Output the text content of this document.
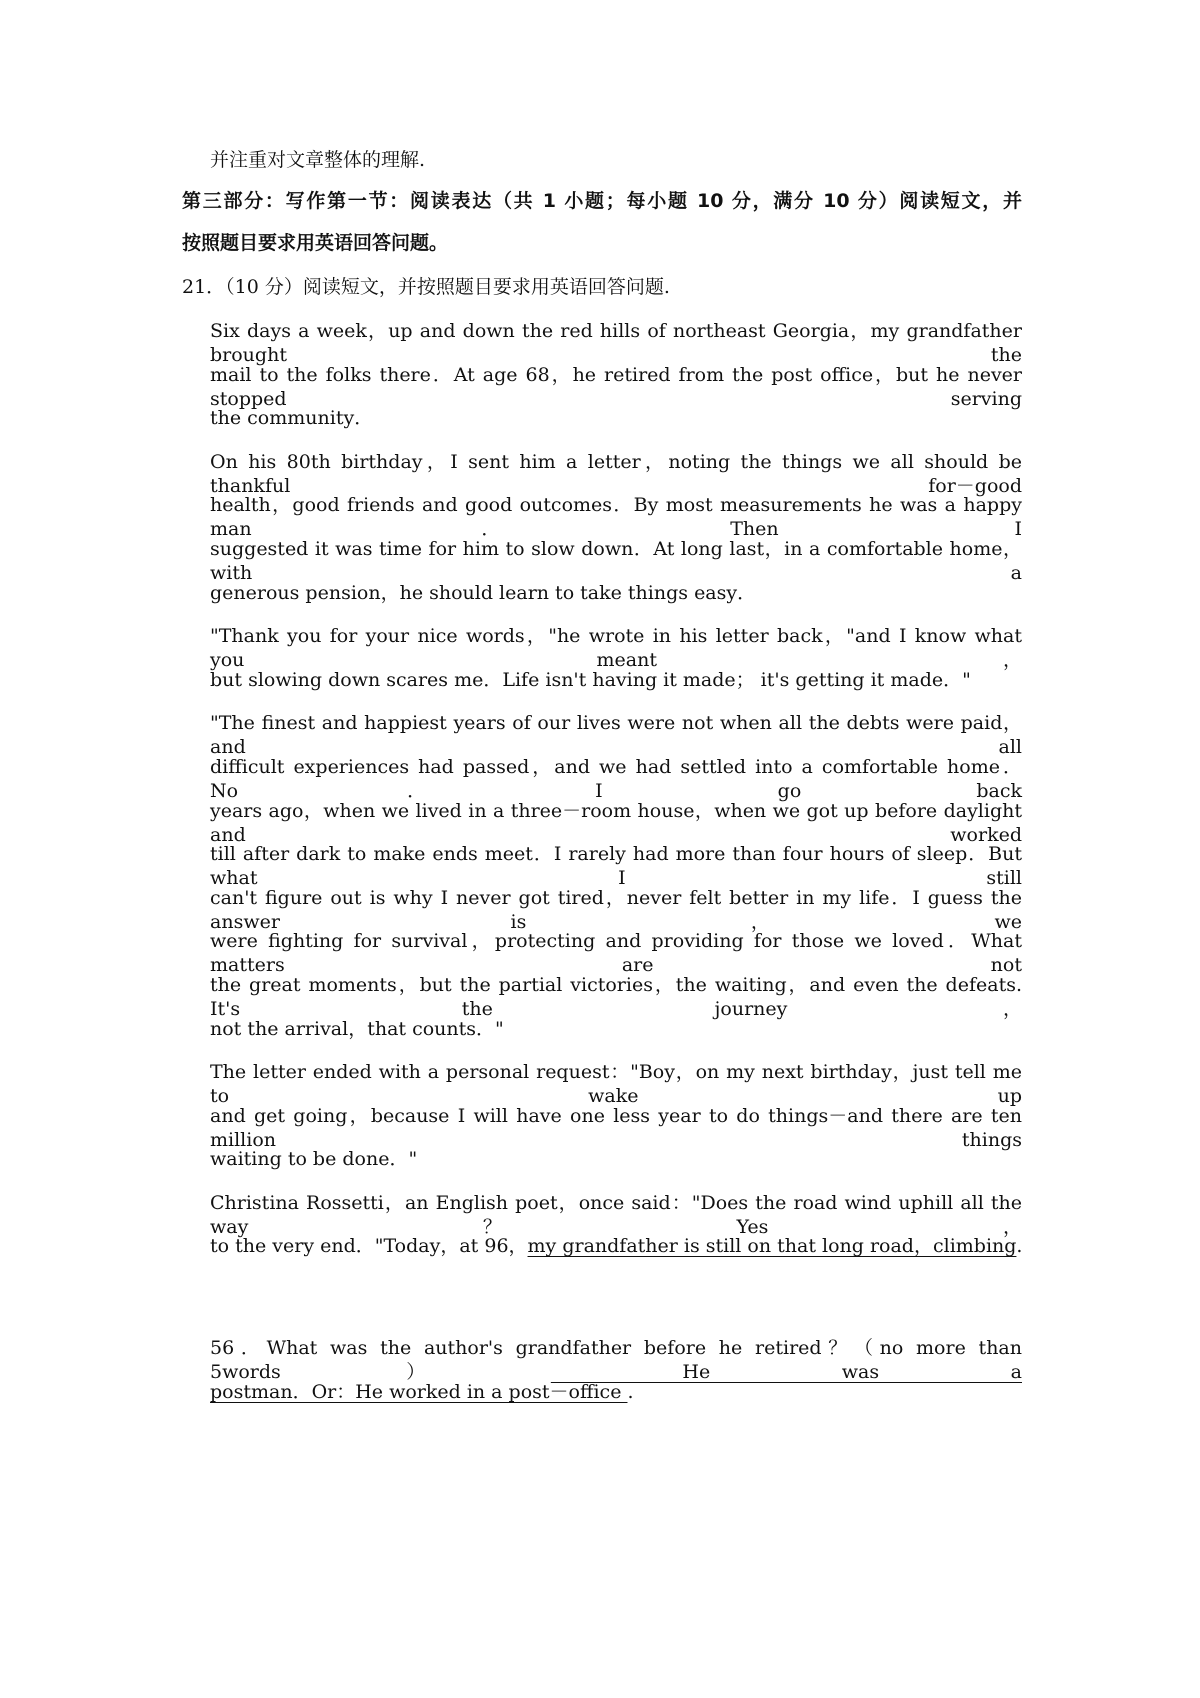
并注重对文章整体的理解.
第三部分：写作第一节：阅读表达（共 1 小题；每小题 10 分，满分 10 分）阅读短文，并
按照题目要求用英语回答问题。
21．（10 分）阅读短文，并按照题目要求用英语回答问题.
Six days a week，up and down the red hills of northeast Georgia，my grandfather brought the
mail to the folks there．At age 68，he retired from the post office，but he never stopped serving
the community．
On his 80th birthday，I sent him a letter，noting the things we all should be thankful for－good
health，good friends and good outcomes．By most measurements he was a happy man．Then I
suggested it was time for him to slow down．At long last，in a comfortable home，with a
generous pension，he should learn to take things easy．
"Thank you for your nice words，"he wrote in his letter back，"and I know what you meant，
but slowing down scares me．Life isn't having it made； it's getting it made．"
"The finest and happiest years of our lives were not when all the debts were paid，and all
difficult experiences had passed，and we had settled into a comfortable home．No．I go back
years ago，when we lived in a three－room house，when we got up before daylight and worked
till after dark to make ends meet．I rarely had more than four hours of sleep．But what I still
can't figure out is why I never got tired，never felt better in my life．I guess the answer is，we
were fighting for survival，protecting and providing for those we loved．What matters are not
the great moments，but the partial victories，the waiting，and even the defeats. It's the journey，
not the arrival，that counts．"
The letter ended with a personal request："Boy，on my next birthday，just tell me to wake up
and get going，because I will have one less year to do things－and there are ten million things
waiting to be done．"
Christina Rossetti，an English poet，once said："Does the road wind uphill all the way？Yes，
to the very end．"Today，at 96，my grandfather is still on that long road，climbing.
56．What was the author's grandfather before he retired？（no more than 5words） He was a
postman．Or：He worked in a post－office .
